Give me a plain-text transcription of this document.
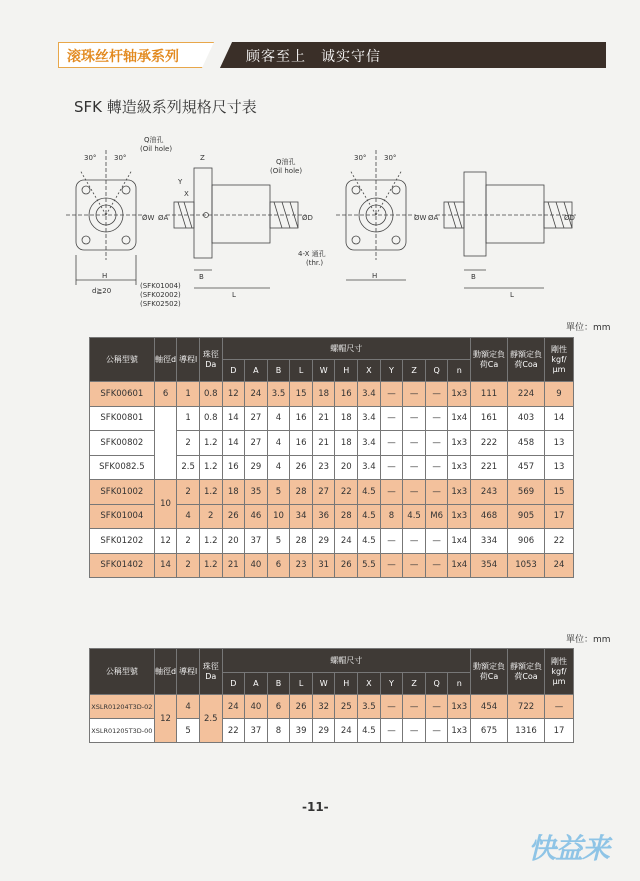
滚珠丝杆轴承系列	顾客至上　诚实守信
SFK 轉造級系列規格尺寸表
Q油孔
(Oil hole)
Q油孔
(Oil hole)
30°	30°	30°	30°
4-X 通孔
(thr.)
d≧20
(SFK01004)
(SFK02002)
(SFK02502)
Z
Y
X
ØW ØA	ØD
H	B
L
ØD
ØA
ØW
H
L
B
單位：mm
公稱型號	軸徑d	導程l	珠徑Da	螺帽尺寸											動額定負荷Ca	靜額定負荷Coa	剛性kgf/μm
				D	A	B	L	W	H	X	Y	Z	Q	n			
SFK00601	6	1	0.8	12	24	3.5	15	18	16	3.4	—	—	—	1x3	111	224	9
SFK00801		1	0.8	14	27	4	16	21	18	3.4	—	—	—	1x4	161	403	14
SFK00802		2	1.2	14	27	4	16	21	18	3.4	—	—	—	1x3	222	458	13
SFK0082.5		2.5	1.2	16	29	4	26	23	20	3.4	—	—	—	1x3	221	457	13
SFK01002	10	2	1.2	18	35	5	28	27	22	4.5	—	—	—	1x3	243	569	15
SFK01004		4	2	26	46	10	34	36	28	4.5	8	4.5	M6	1x3	468	905	17
SFK01202	12	2	1.2	20	37	5	28	29	24	4.5	—	—	—	1x4	334	906	22
SFK01402	14	2	1.2	21	40	6	23	31	26	5.5	—	—	—	1x4	354	1053	24
單位：mm
公稱型號	軸徑d	導程l	珠徑Da	螺帽尺寸											動額定負荷Ca	靜額定負荷Coa	剛性kgf/μm
				D	A	B	L	W	H	X	Y	Z	Q	n			
XSLR01204T3D-02	12	4	2.5	24	40	6	26	32	25	3.5	—	—	—	1x3	454	722	—
XSLR01205T3D-00		5		22	37	8	39	29	24	4.5	—	—	—	1x3	675	1316	17
-11-
快益来
